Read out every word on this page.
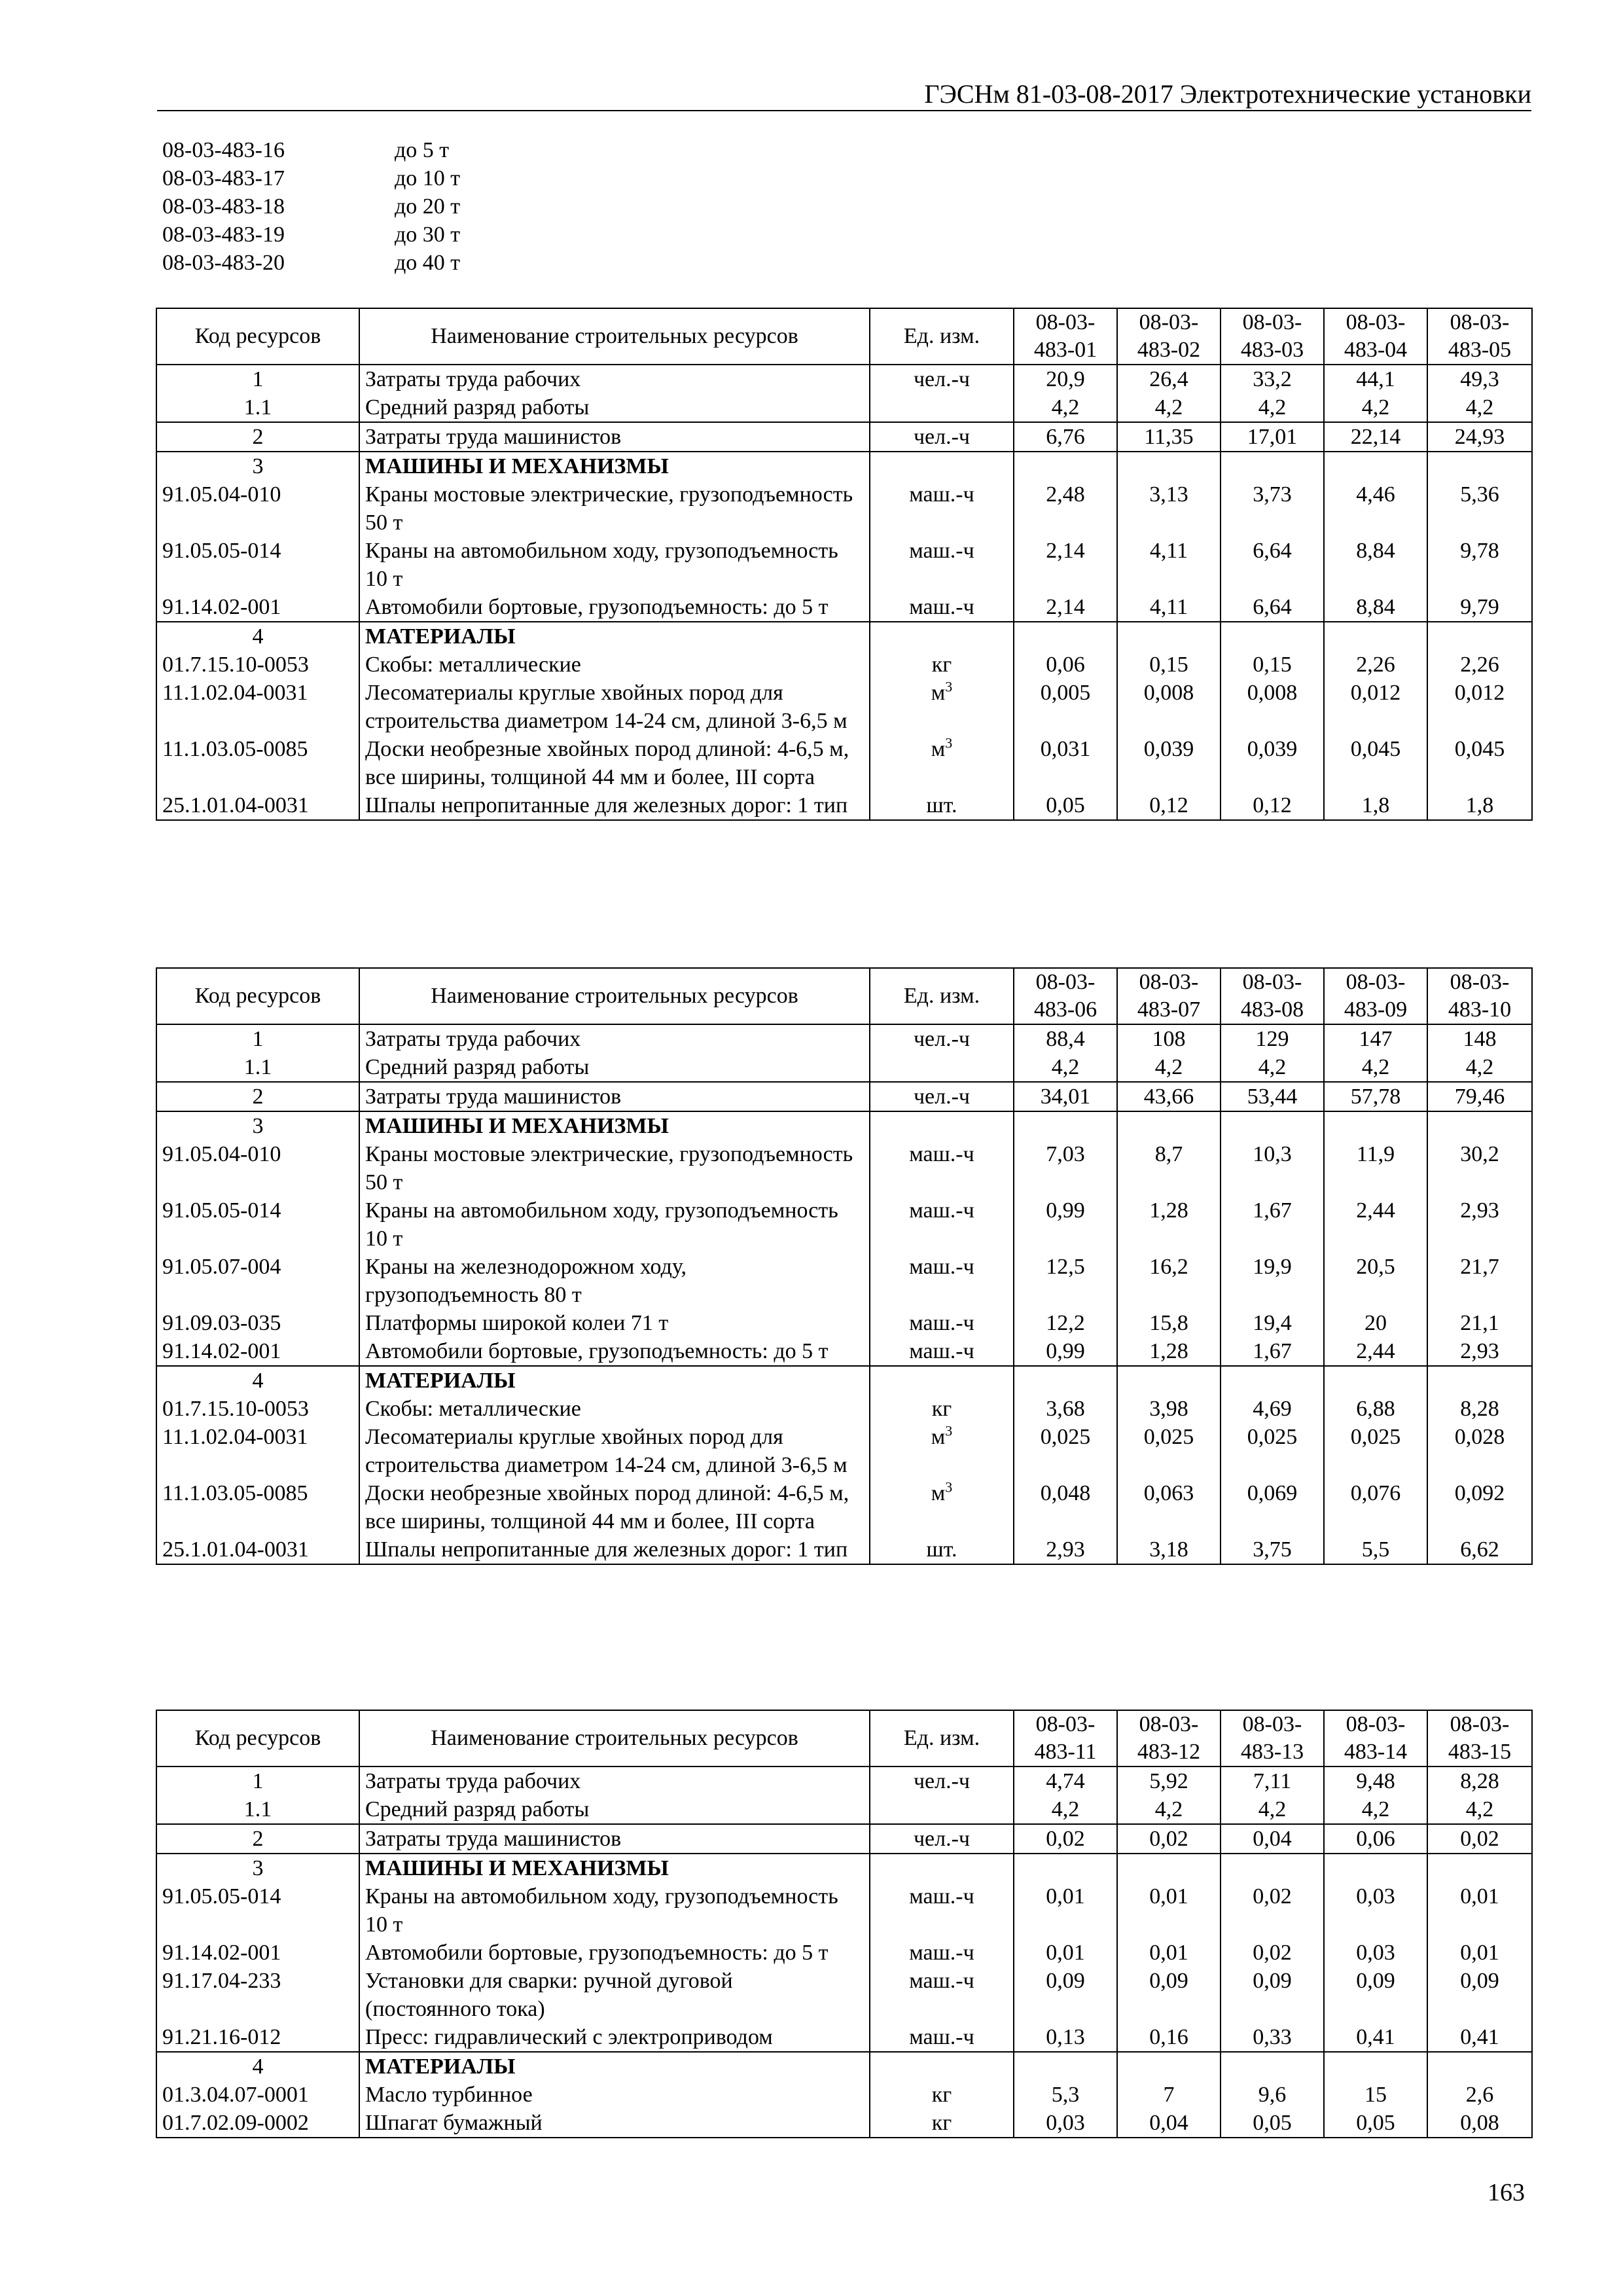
ГЭСНм 81-03-08-2017 Электротехнические установки
08-03-483-16	до 5 т
08-03-483-17	до 10 т
08-03-483-18	до 20 т
08-03-483-19	до 30 т
08-03-483-20	до 40 т
Код ресурсов	Наименование строительных ресурсов	Ед. изм.	08-03-483-01	08-03-483-02	08-03-483-03	08-03-483-04	08-03-483-05
1	Затраты труда рабочих	чел.-ч	20,9	26,4	33,2	44,1	49,3
1.1	Средний разряд работы		4,2	4,2	4,2	4,2	4,2
2	Затраты труда машинистов	чел.-ч	6,76	11,35	17,01	22,14	24,93
3	МАШИНЫ И МЕХАНИЗМЫ						
91.05.04-010	Краны мостовые электрические, грузоподъемность 50 т	маш.-ч	2,48	3,13	3,73	4,46	5,36
91.05.05-014	Краны на автомобильном ходу, грузоподъемность 10 т	маш.-ч	2,14	4,11	6,64	8,84	9,78
91.14.02-001	Автомобили бортовые, грузоподъемность: до 5 т	маш.-ч	2,14	4,11	6,64	8,84	9,79
4	МАТЕРИАЛЫ						
01.7.15.10-0053	Скобы: металлические	кг	0,06	0,15	0,15	2,26	2,26
11.1.02.04-0031	Лесоматериалы круглые хвойных пород для строительства диаметром 14-24 см, длиной 3-6,5 м	$м^3$	0,005	0,008	0,008	0,012	0,012
11.1.03.05-0085	Доски необрезные хвойных пород длиной: 4-6,5 м, все ширины, толщиной 44 мм и более, III сорта	$м^3$	0,031	0,039	0,039	0,045	0,045
25.1.01.04-0031	Шпалы непропитанные для железных дорог: 1 тип	шт.	0,05	0,12	0,12	1,8	1,8
Код ресурсов	Наименование строительных ресурсов	Ед. изм.	08-03-483-06	08-03-483-07	08-03-483-08	08-03-483-09	08-03-483-10
1	Затраты труда рабочих	чел.-ч	88,4	108	129	147	148
1.1	Средний разряд работы		4,2	4,2	4,2	4,2	4,2
2	Затраты труда машинистов	чел.-ч	34,01	43,66	53,44	57,78	79,46
3	МАШИНЫ И МЕХАНИЗМЫ						
91.05.04-010	Краны мостовые электрические, грузоподъемность 50 т	маш.-ч	7,03	8,7	10,3	11,9	30,2
91.05.05-014	Краны на автомобильном ходу, грузоподъемность 10 т	маш.-ч	0,99	1,28	1,67	2,44	2,93
91.05.07-004	Краны на железнодорожном ходу, грузоподъемность 80 т	маш.-ч	12,5	16,2	19,9	20,5	21,7
91.09.03-035	Платформы широкой колеи 71 т	маш.-ч	12,2	15,8	19,4	20	21,1
91.14.02-001	Автомобили бортовые, грузоподъемность: до 5 т	маш.-ч	0,99	1,28	1,67	2,44	2,93
4	МАТЕРИАЛЫ						
01.7.15.10-0053	Скобы: металлические	кг	3,68	3,98	4,69	6,88	8,28
11.1.02.04-0031	Лесоматериалы круглые хвойных пород для строительства диаметром 14-24 см, длиной 3-6,5 м	$м^3$	0,025	0,025	0,025	0,025	0,028
11.1.03.05-0085	Доски необрезные хвойных пород длиной: 4-6,5 м, все ширины, толщиной 44 мм и более, III сорта	$м^3$	0,048	0,063	0,069	0,076	0,092
25.1.01.04-0031	Шпалы непропитанные для железных дорог: 1 тип	шт.	2,93	3,18	3,75	5,5	6,62
Код ресурсов	Наименование строительных ресурсов	Ед. изм.	08-03-483-11	08-03-483-12	08-03-483-13	08-03-483-14	08-03-483-15
1	Затраты труда рабочих	чел.-ч	4,74	5,92	7,11	9,48	8,28
1.1	Средний разряд работы		4,2	4,2	4,2	4,2	4,2
2	Затраты труда машинистов	чел.-ч	0,02	0,02	0,04	0,06	0,02
3	МАШИНЫ И МЕХАНИЗМЫ						
91.05.05-014	Краны на автомобильном ходу, грузоподъемность 10 т	маш.-ч	0,01	0,01	0,02	0,03	0,01
91.14.02-001	Автомобили бортовые, грузоподъемность: до 5 т	маш.-ч	0,01	0,01	0,02	0,03	0,01
91.17.04-233	Установки для сварки: ручной дуговой (постоянного тока)	маш.-ч	0,09	0,09	0,09	0,09	0,09
91.21.16-012	Пресс: гидравлический с электроприводом	маш.-ч	0,13	0,16	0,33	0,41	0,41
4	МАТЕРИАЛЫ						
01.3.04.07-0001	Масло турбинное	кг	5,3	7	9,6	15	2,6
01.7.02.09-0002	Шпагат бумажный	кг	0,03	0,04	0,05	0,05	0,08
163
